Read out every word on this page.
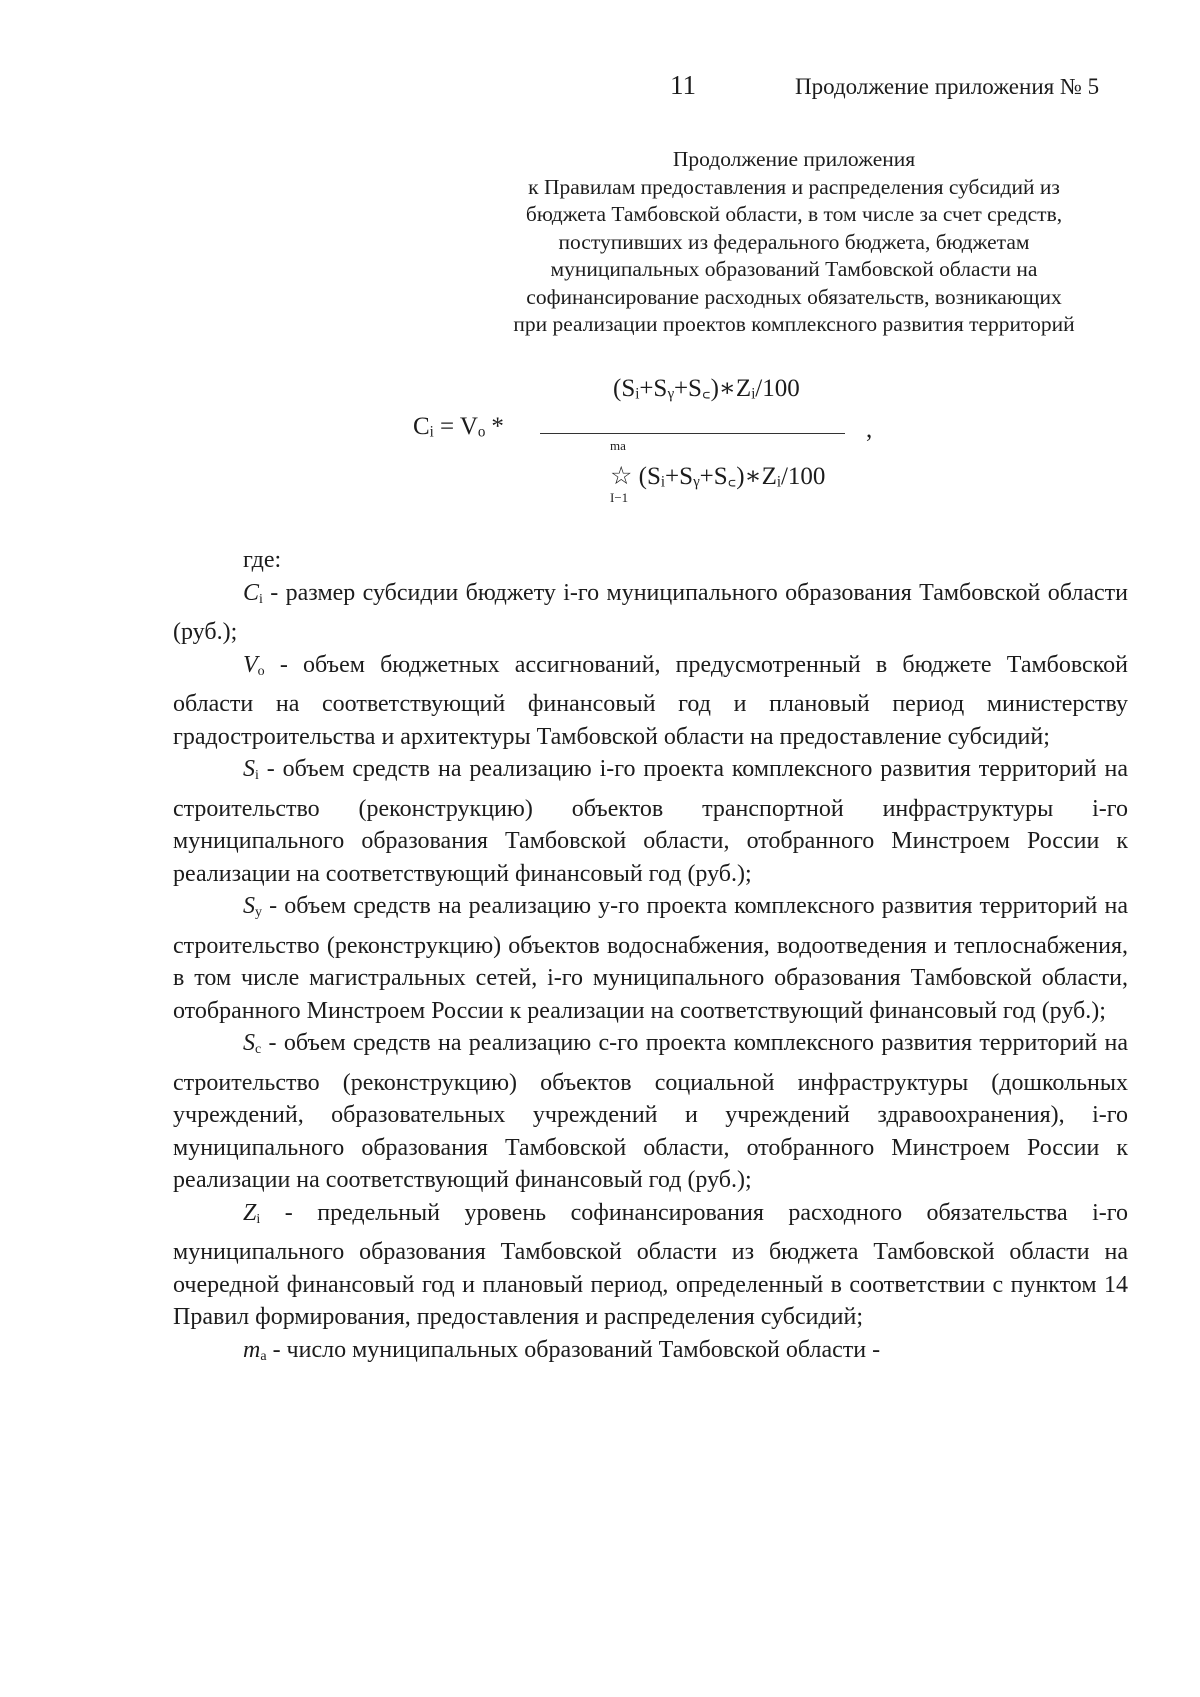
11	Продолжение приложения № 5
Продолжение приложения
к Правилам предоставления и распределения субсидий из
бюджета Тамбовской области, в том числе за счет средств,
поступивших из федерального бюджета, бюджетам
муниципальных образований Тамбовской области на
софинансирование расходных обязательств, возникающих
при реализации проектов комплексного развития территорий
Cᵢ = Vₒ *
(Sᵢ+Sᵧ+S꜀)∗Zᵢ/100
,
ma
☆ (Sᵢ+Sᵧ+S꜀)∗Zᵢ/100
I−1

где:

Ci - размер субсидии бюджету i-го муниципального образования Тамбовской области (руб.);

Vo - объем бюджетных ассигнований, предусмотренный в бюджете Тамбовской области на соответствующий финансовый год и плановый период министерству градостроительства и архитектуры Тамбовской области на предоставление субсидий;

Si - объем средств на реализацию i-го проекта комплексного развития территорий на строительство (реконструкцию) объектов транспортной инфраструктуры i-го муниципального образования Тамбовской области, отобранного Минстроем России к реализации на соответствующий финансовый год (руб.);

Sy - объем средств на реализацию у-го проекта комплексного развития территорий на строительство (реконструкцию) объектов водоснабжения, водоотведения и теплоснабжения, в том числе магистральных сетей, i-го муниципального образования Тамбовской области, отобранного Минстроем России к реализации на соответствующий финансовый год (руб.);

Sc - объем средств на реализацию с-го проекта комплексного развития территорий на строительство (реконструкцию) объектов социальной инфраструктуры (дошкольных учреждений, образовательных учреждений и учреждений здравоохранения), i-го муниципального образования Тамбовской области, отобранного Минстроем России к реализации на соответствующий финансовый год (руб.);

Zi - предельный уровень софинансирования расходного обязательства i-го муниципального образования Тамбовской области из бюджета Тамбовской области на очередной финансовый год и плановый период, определенный в соответствии с пунктом 14 Правил формирования, предоставления и распределения субсидий;

ma - число муниципальных образований Тамбовской области -
